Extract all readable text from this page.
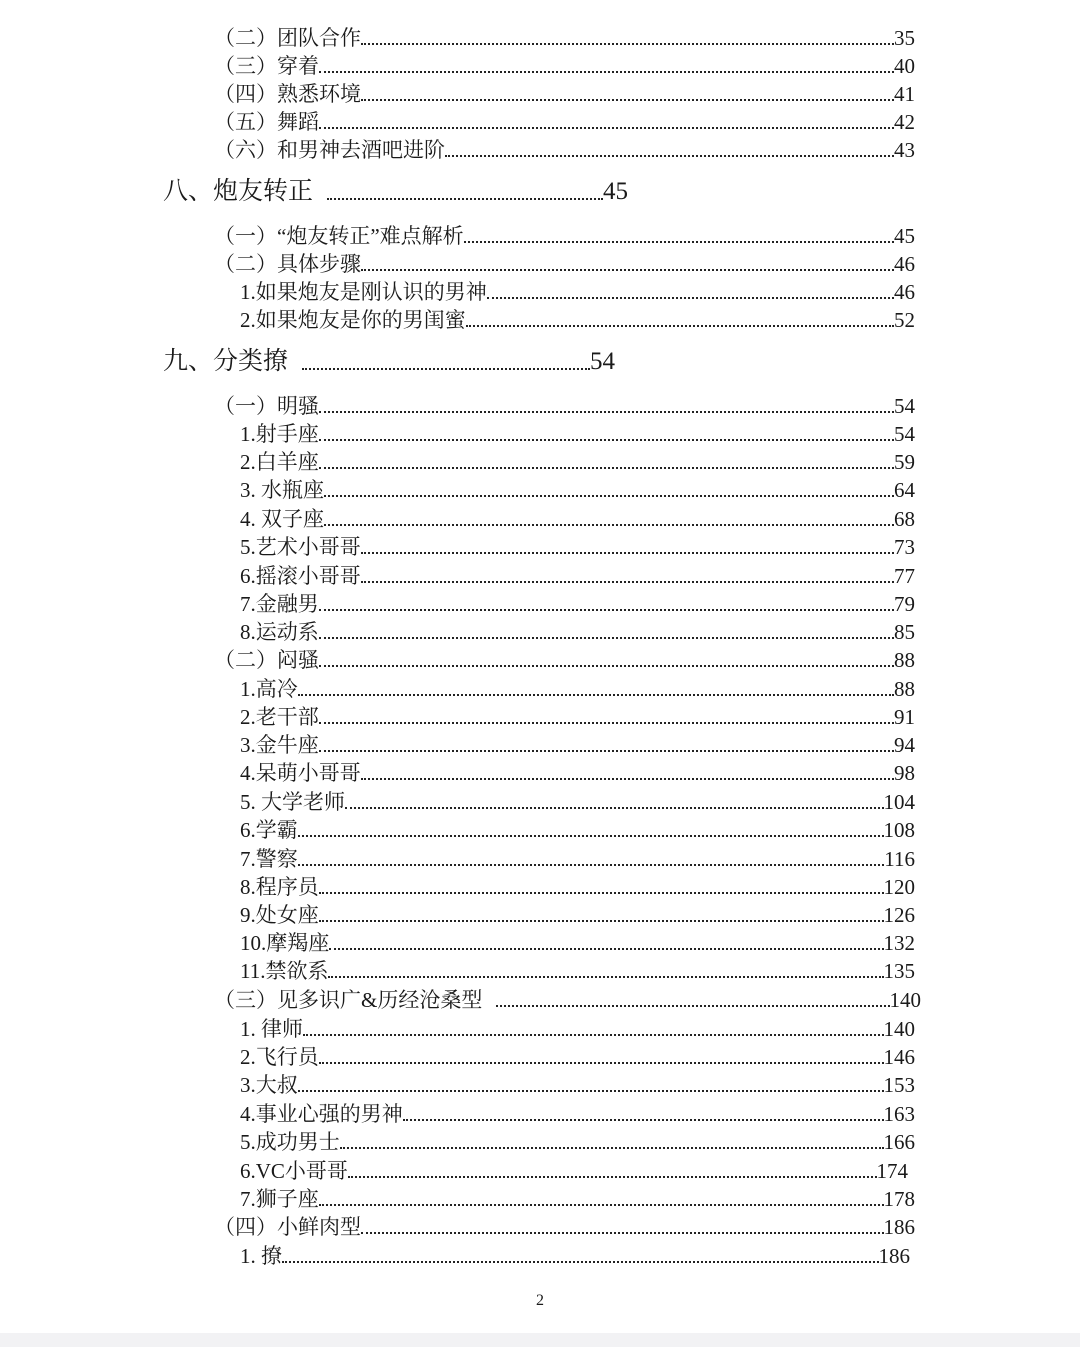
（二）团队合作	35
（三）穿着	40
（四）熟悉环境	41
（五）舞蹈	42
（六）和男神去酒吧进阶	43
八、炮友转正	45
（一）“炮友转正”难点解析	45
（二）具体步骤	46
1.如果炮友是刚认识的男神	46
2.如果炮友是你的男闺蜜	52
九、分类撩	54
（一）明骚	54
1.射手座	54
2.白羊座	59
3. 水瓶座	64
4. 双子座	68
5.艺术小哥哥	73
6.摇滚小哥哥	77
7.金融男	79
8.运动系	85
（二）闷骚	88
1.高冷	88
2.老干部	91
3.金牛座	94
4.呆萌小哥哥	98
5. 大学老师	104
6.学霸	108
7.警察	116
8.程序员	120
9.处女座	126
10.摩羯座	132
11.禁欲系	135
（三）见多识广&历经沧桑型	140
1. 律师	140
2.飞行员	146
3.大叔	153
4.事业心强的男神	163
5.成功男士	166
6.VC小哥哥	174
7.狮子座	178
（四）小鲜肉型	186
1. 撩	186
2
